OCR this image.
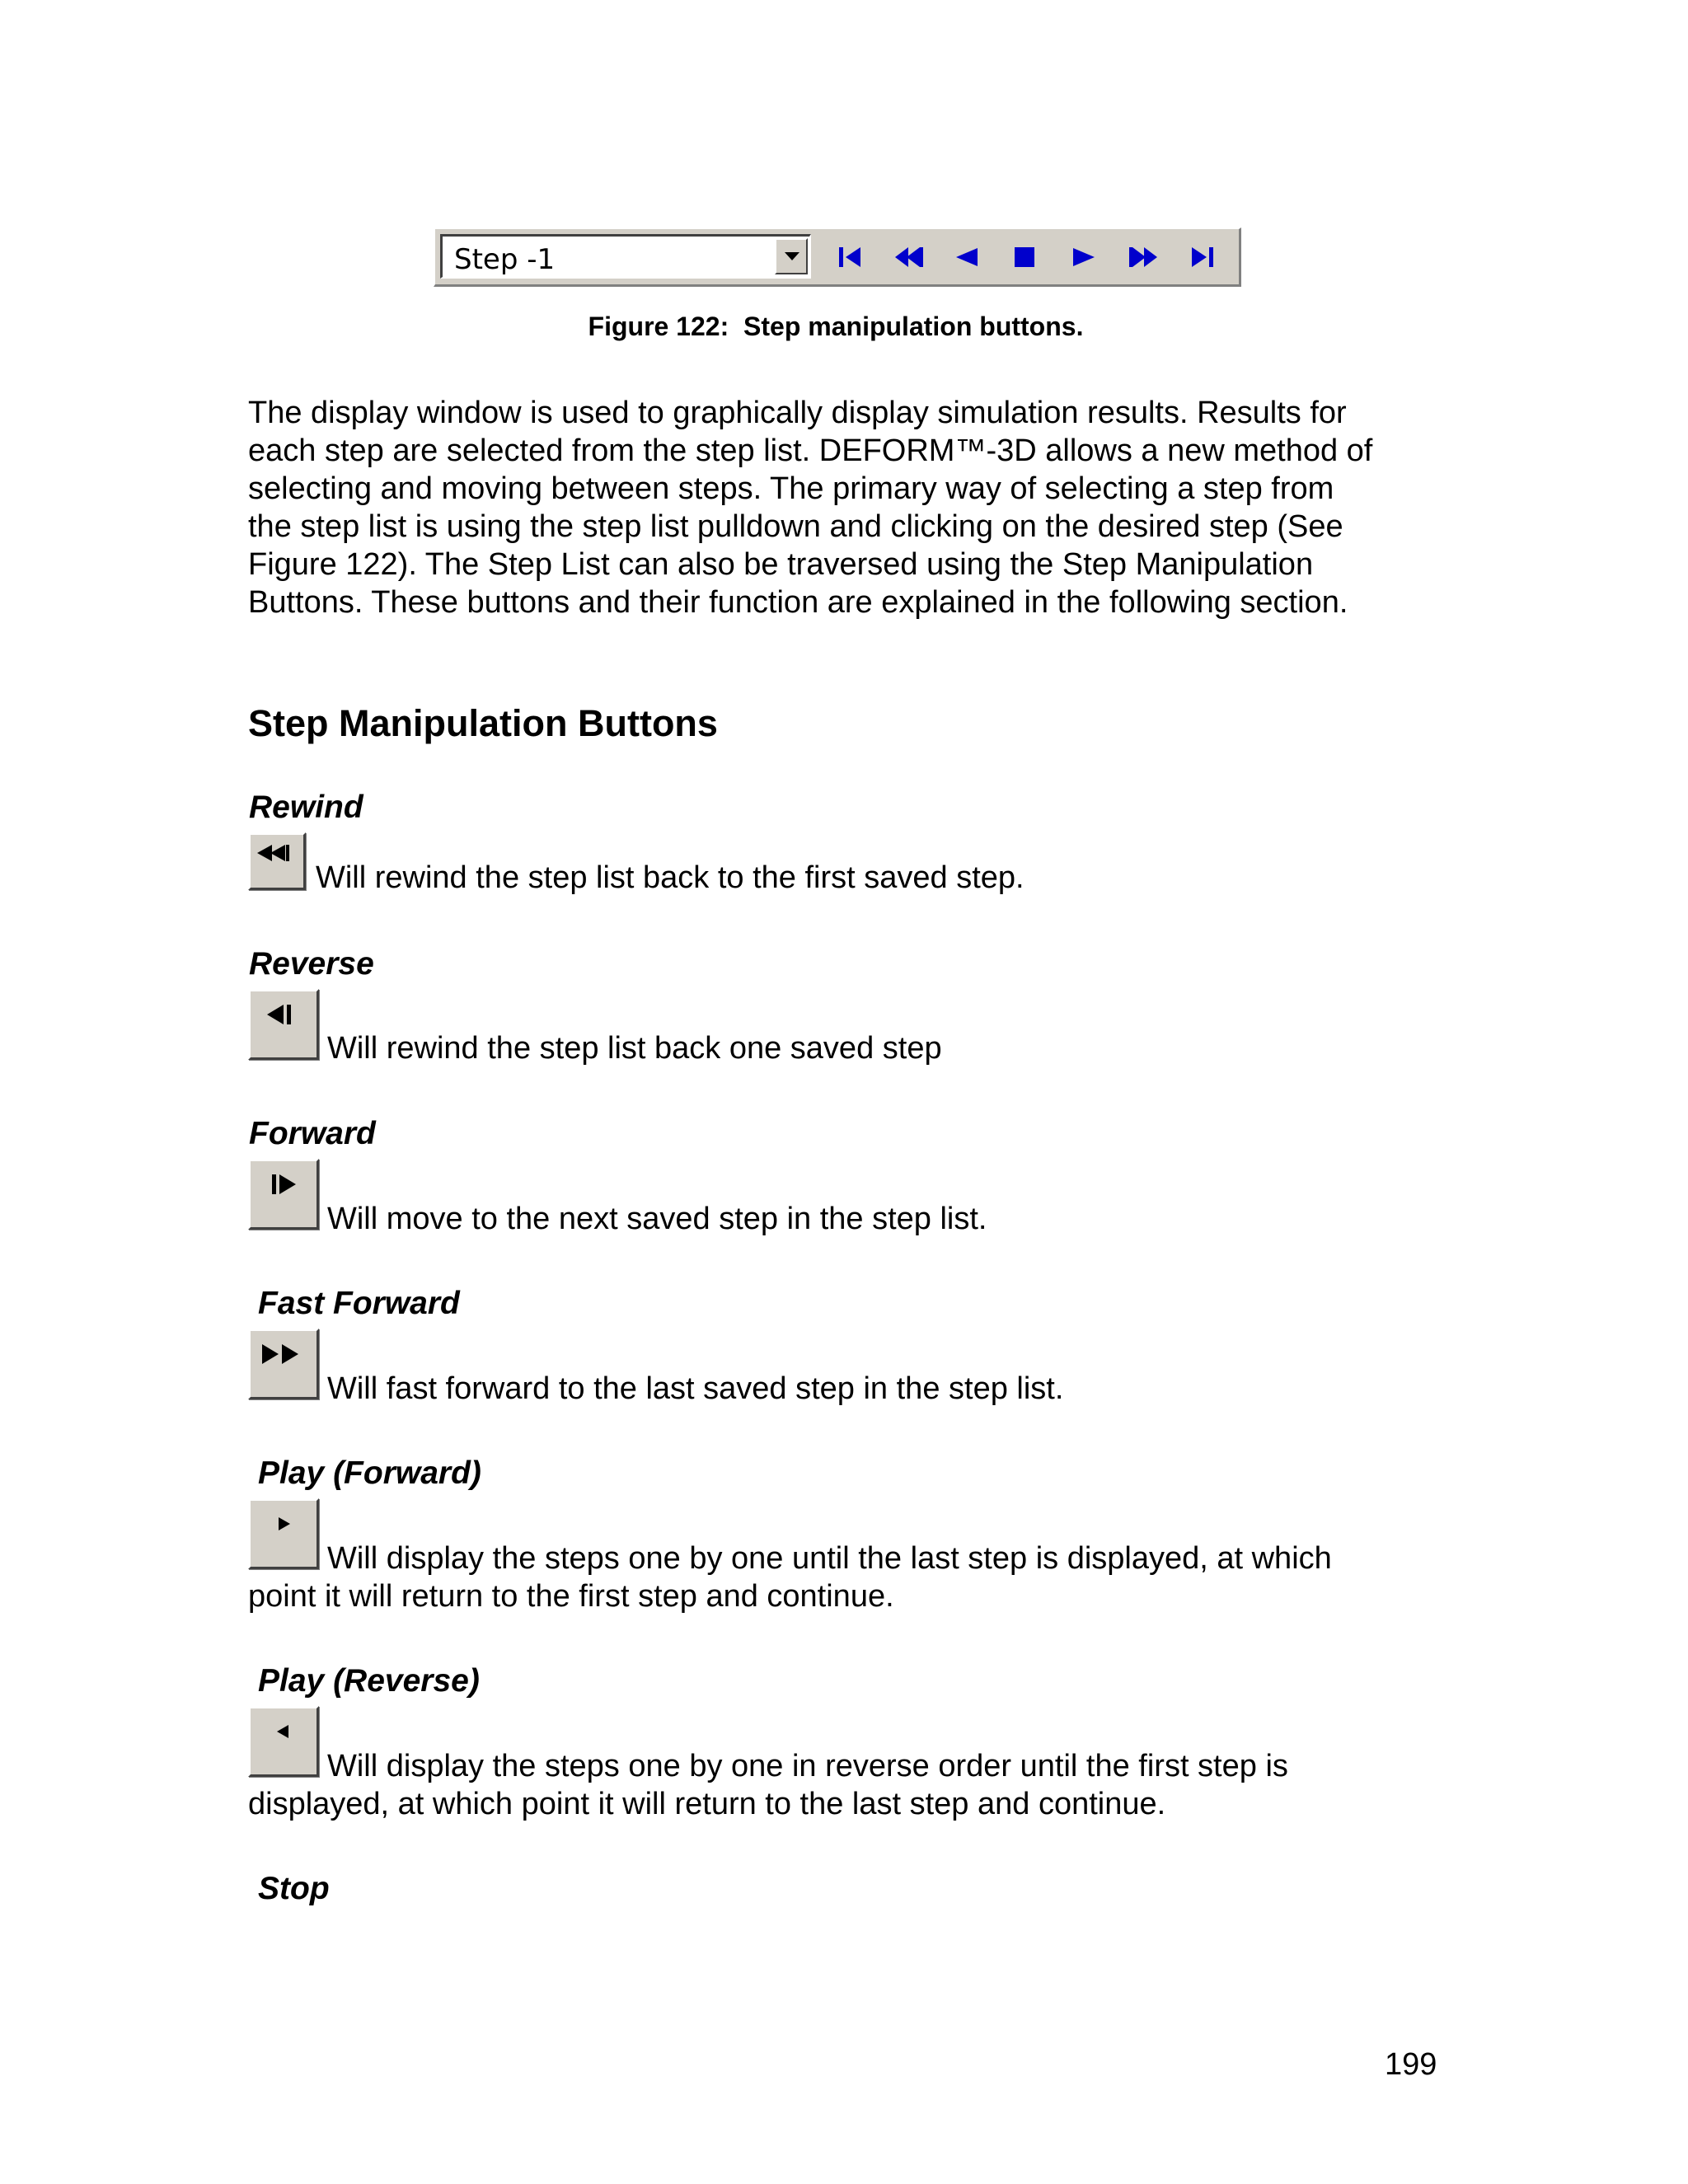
Step -1
Figure 122:  Step manipulation buttons.
The display window is used to graphically display simulation results. Results for
each step are selected from the step list. DEFORM™-3D allows a new method of
selecting and moving between steps. The primary way of selecting a step from
the step list is using the step list pulldown and clicking on the desired step (See
Figure 122). The Step List can also be traversed using the Step Manipulation
Buttons. These buttons and their function are explained in the following section.
Step Manipulation Buttons
Rewind
Will rewind the step list back to the first saved step.
Reverse
Will rewind the step list back one saved step
Forward
Will move to the next saved step in the step list.
Fast Forward
Will fast forward to the last saved step in the step list.
Play (Forward)
Will display the steps one by one until the last step is displayed, at which
point it will return to the first step and continue.
Play (Reverse)
Will display the steps one by one in reverse order until the first step is
displayed, at which point it will return to the last step and continue.
Stop
199
